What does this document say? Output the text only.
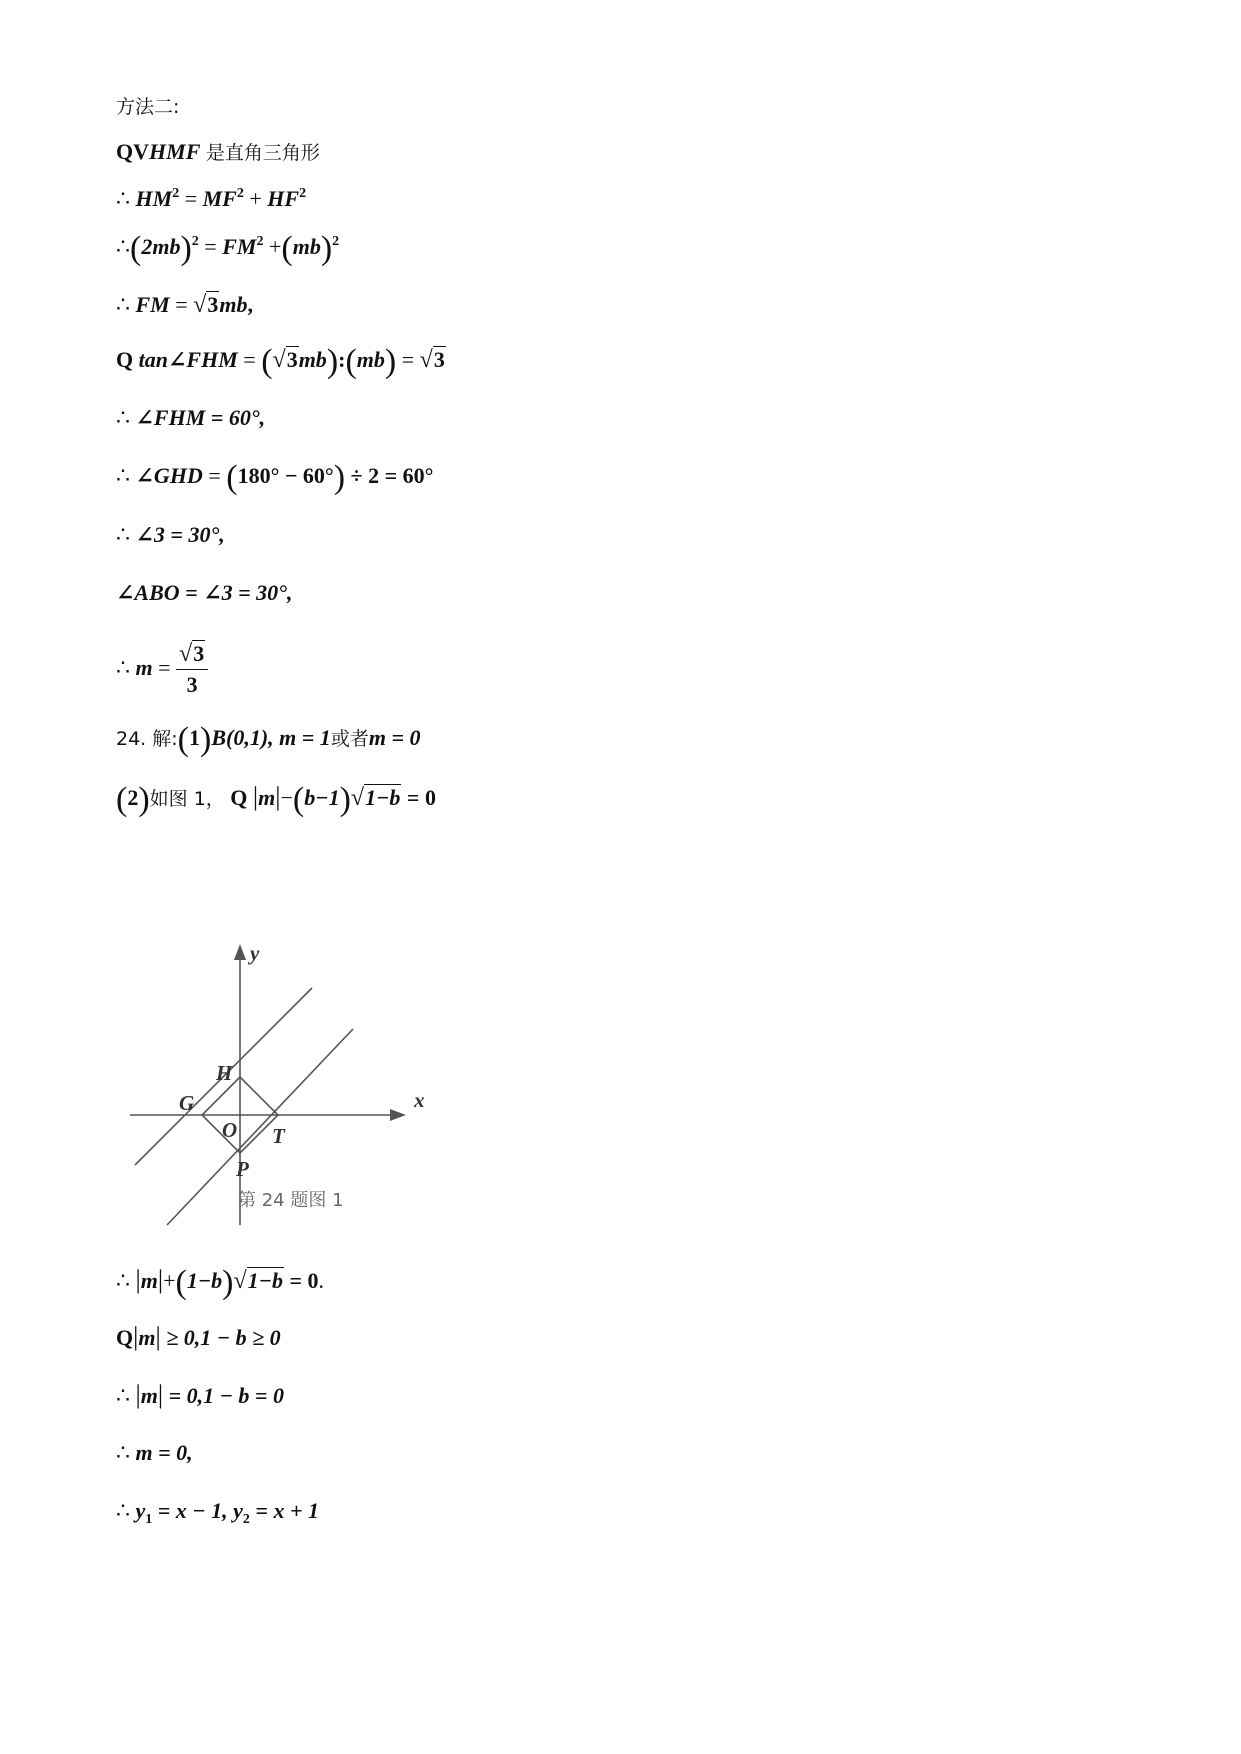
方法二:
QVHMF 是直角三角形
∴ $HM^2 = MF^2 + HF^2$
$\therefore(2mb)^2 = FM^2 +(mb)^2$
∴ FM = √3mb,
Q tan∠FHM = (√3mb):(mb) = √3
∴ ∠FHM = 60°,
∴ ∠GHD = (180° − 60°) ÷ 2 = 60°
∴ ∠3 = 30°,
∠ABO = ∠3 = 30°,
∴ $m = \frac{√3}{3}$
24. 解:(1)B(0,1), m = 1或者m = 0
(2)如图 1， Q |m|−(b−1)√1−b = 0
y
x
H
G
O T
P
第 24 题图 1
∴ |m|+(1−b)√1−b = 0.
Q|m| ≥ 0,1 − b ≥ 0
∴ |m| = 0,1 − b = 0
∴ m = 0,
∴ $y_1 = x - 1$, $y_2 = x + 1$
